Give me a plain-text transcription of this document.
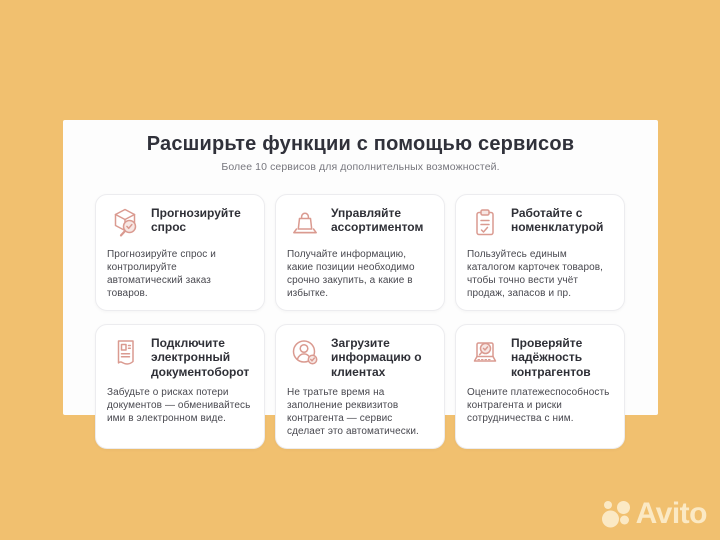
Расширьте функции с помощью сервисов

Более 10 сервисов для дополнительных возможностей.

Прогнозируйте спрос

Прогнозируйте спрос и контролируйте автоматический заказ товаров.

Управляйте ассортиментом

Получайте информацию, какие позиции необходимо срочно закупить, а какие в избытке.

Работайте с номенклатурой

Пользуйтесь единым каталогом карточек товаров, чтобы точно вести учёт продаж, запасов и пр.

Подключите электронный документоборот

Забудьте о рисках потери документов — обменивайтесь ими в электронном виде.

Загрузите информацию о клиентах

Не тратьте время на заполнение реквизитов контрагента — сервис сделает это автоматически.

Проверяйте надёжность контрагентов

Оцените платежеспособность контрагента и риски сотрудничества с ним.

Avito
